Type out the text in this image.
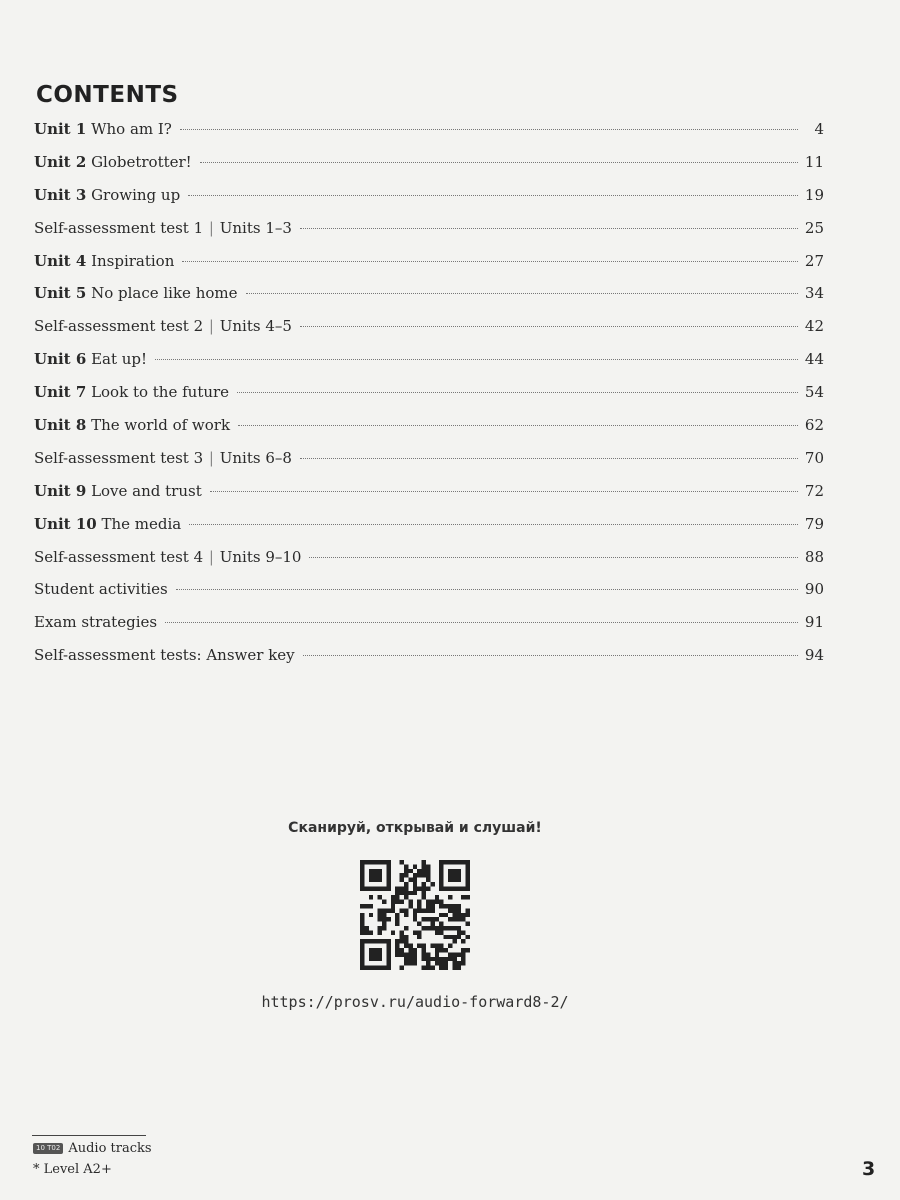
CONTENTS
Unit 1 Who am I?	4
Unit 2 Globetrotter!	11
Unit 3 Growing up	19
Self-assessment test 1 | Units 1–3	25
Unit 4 Inspiration	27
Unit 5 No place like home	34
Self-assessment test 2 | Units 4–5	42
Unit 6 Eat up!	44
Unit 7 Look to the future	54
Unit 8 The world of work	62
Self-assessment test 3 | Units 6–8	70
Unit 9 Love and trust	72
Unit 10 The media	79
Self-assessment test 4 | Units 9–10	88
Student activities	90
Exam strategies	91
Self-assessment tests: Answer key	94
Сканируй, открывай и слушай!
https://prosv.ru/audio-forward8-2/
10 T02 Audio tracks
* Level A2+	3
